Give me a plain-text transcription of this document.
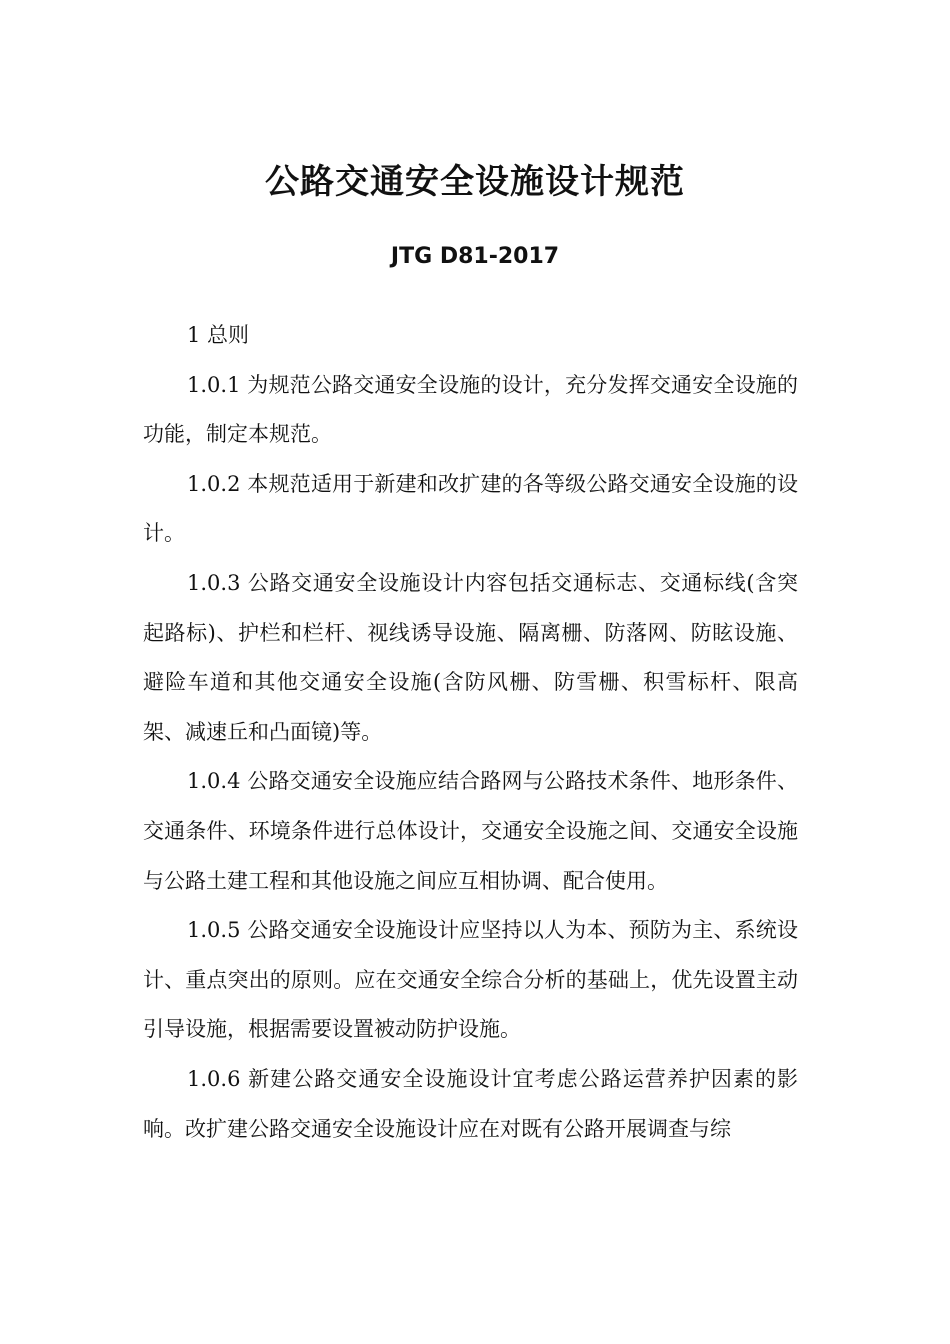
公路交通安全设施设计规范
JTG D81-2017

1 总则

1.0.1 为规范公路交通安全设施的设计，充分发挥交通安全设施的功能，制定本规范。

1.0.2 本规范适用于新建和改扩建的各等级公路交通安全设施的设计。

1.0.3 公路交通安全设施设计内容包括交通标志、交通标线(含突起路标)、护栏和栏杆、视线诱导设施、隔离栅、防落网、防眩设施、避险车道和其他交通安全设施(含防风栅、防雪栅、积雪标杆、限高架、减速丘和凸面镜)等。

1.0.4 公路交通安全设施应结合路网与公路技术条件、地形条件、交通条件、环境条件进行总体设计，交通安全设施之间、交通安全设施与公路土建工程和其他设施之间应互相协调、配合使用。

1.0.5 公路交通安全设施设计应坚持以人为本、预防为主、系统设计、重点突出的原则。应在交通安全综合分析的基础上，优先设置主动引导设施，根据需要设置被动防护设施。

1.0.6 新建公路交通安全设施设计宜考虑公路运营养护因素的影响。改扩建公路交通安全设施设计应在对既有公路开展调查与综
